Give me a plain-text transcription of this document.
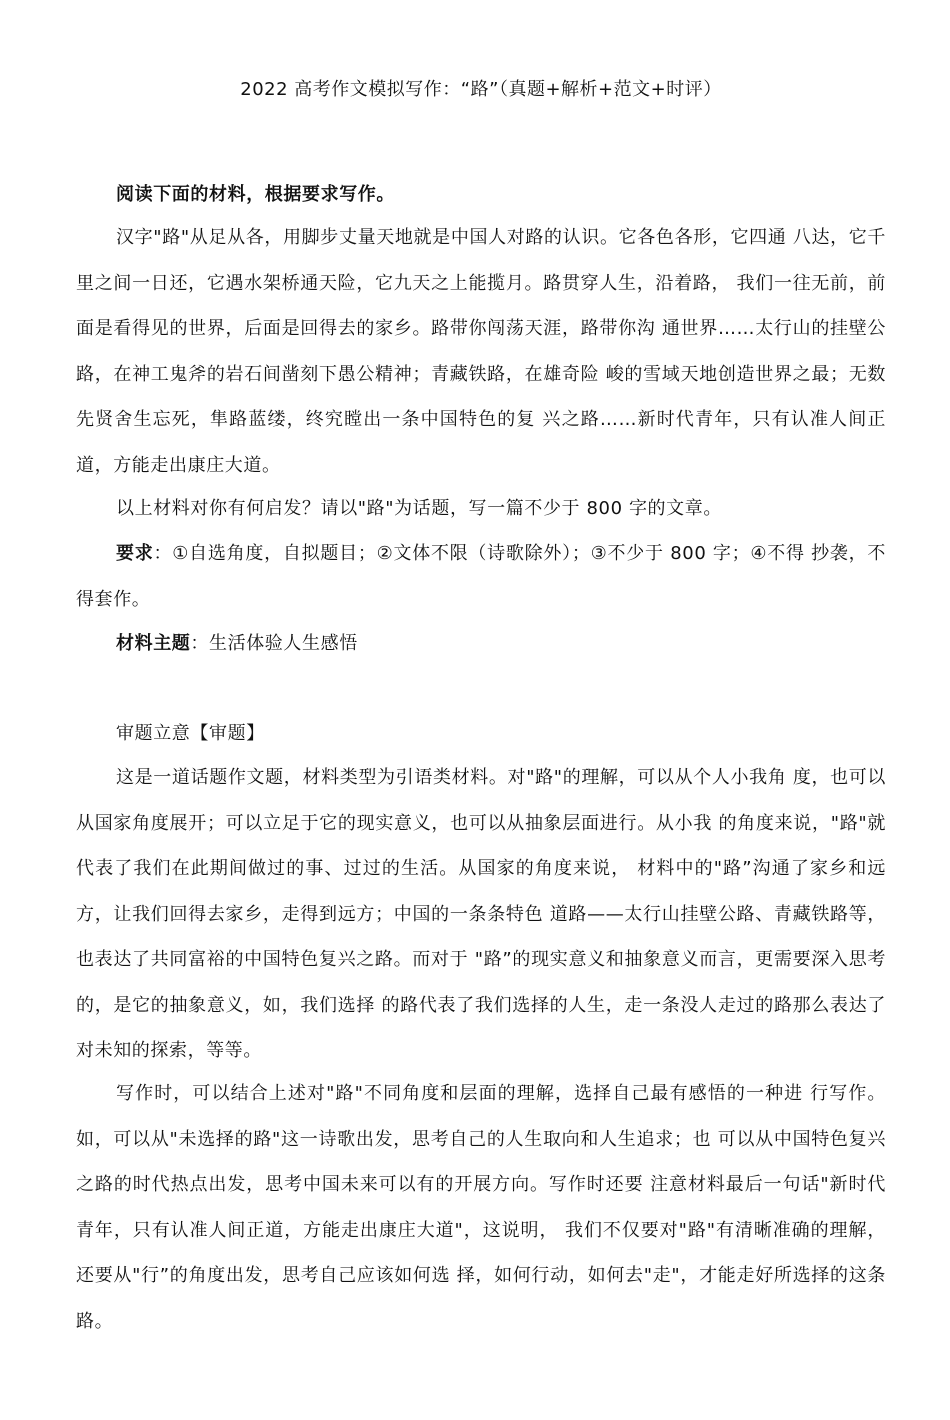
2022 高考作文模拟写作：“路”（真题+解析+范文+时评）

阅读下面的材料，根据要求写作。

汉字"路"从足从各，用脚步丈量天地就是中国人对路的认识。它各色各形，它四通 八达，它千里之间一日还，它遇水架桥通天险，它九天之上能揽月。路贯穿人生，沿着路， 我们一往无前，前面是看得见的世界，后面是回得去的家乡。路带你闯荡天涯，路带你沟 通世界……太行山的挂壁公路，在神工鬼斧的岩石间凿刻下愚公精神；青藏铁路，在雄奇险 峻的雪域天地创造世界之最；无数先贤舍生忘死，隼路蓝缕，终究瞠出一条中国特色的复 兴之路……新时代青年，只有认准人间正道，方能走出康庄大道。

以上材料对你有何启发？请以"路"为话题，写一篇不少于 800 字的文章。

要求：①自选角度，自拟题目；②文体不限（诗歌除外）；③不少于 800 字；④不得 抄袭，不得套作。

材料主题：生活体验人生感悟

审题立意【审题】

这是一道话题作文题，材料类型为引语类材料。对"路"的理解，可以从个人小我角 度，也可以从国家角度展开；可以立足于它的现实意义，也可以从抽象层面进行。从小我 的角度来说，"路"就代表了我们在此期间做过的事、过过的生活。从国家的角度来说， 材料中的"路”沟通了家乡和远方，让我们回得去家乡，走得到远方；中国的一条条特色 道路——太行山挂壁公路、青藏铁路等，也表达了共同富裕的中国特色复兴之路。而对于 "路”的现实意义和抽象意义而言，更需要深入思考的，是它的抽象意义，如，我们选择 的路代表了我们选择的人生，走一条没人走过的路那么表达了对未知的探索，等等。

写作时，可以结合上述对"路"不同角度和层面的理解，选择自己最有感悟的一种进 行写作。如，可以从"未选择的路"这一诗歌出发，思考自己的人生取向和人生追求；也 可以从中国特色复兴之路的时代热点出发，思考中国未来可以有的开展方向。写作时还要 注意材料最后一句话"新时代青年，只有认准人间正道，方能走出康庄大道"，这说明， 我们不仅要对"路"有清晰准确的理解，还要从"行”的角度出发，思考自己应该如何选 择，如何行动，如何去"走"，才能走好所选择的这条路。
